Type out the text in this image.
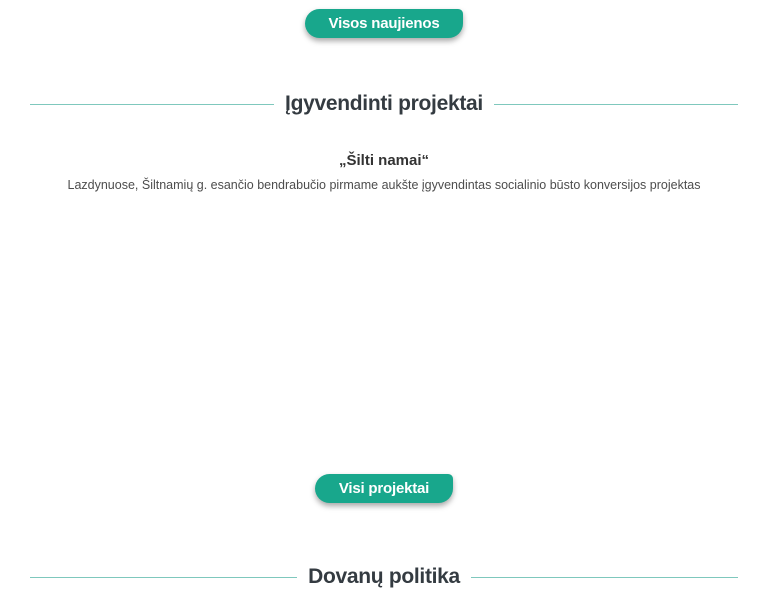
Visos naujienos
Įgyvendinti projektai
„Šilti namai“

Lazdynuose, Šiltnamių g. esančio bendrabučio pirmame aukšte įgyvendintas socialinio būsto konversijos projektas

Visi projektai
Dovanų politika
